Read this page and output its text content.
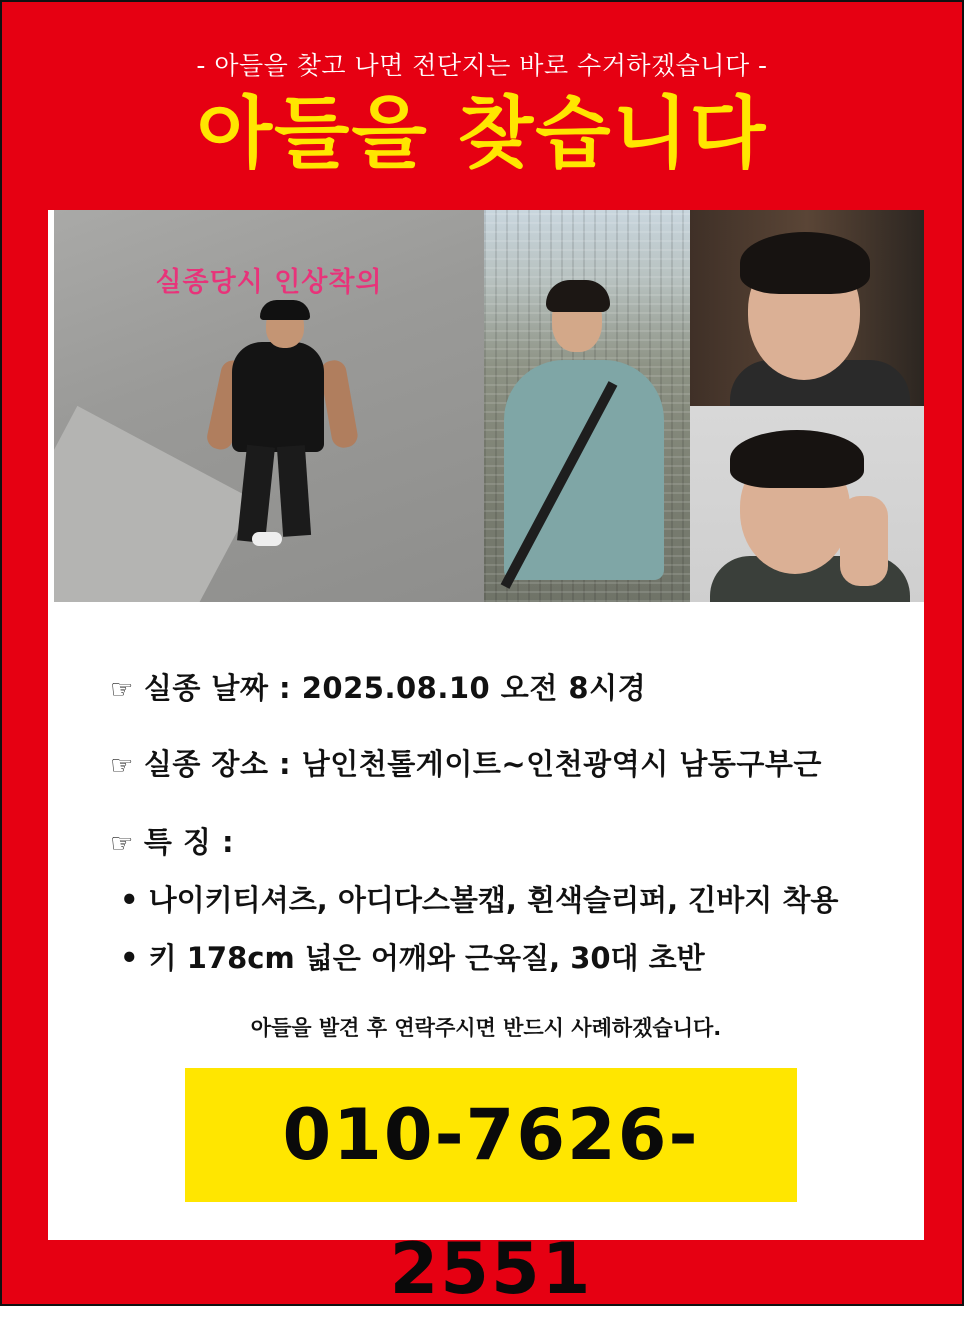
- 아들을 찾고 나면 전단지는 바로 수거하겠습니다 -
아들을 찾습니다
실종당시 인상착의
☞ 실종 날짜 : 2025.08.10 오전 8시경
☞ 실종 장소 : 남인천톨게이트~인천광역시 남동구부근
☞ 특 징 :
• 나이키티셔츠, 아디다스볼캡, 흰색슬리퍼, 긴바지 착용
• 키 178cm 넓은 어깨와 근육질, 30대 초반
아들을 발견 후 연락주시면 반드시 사례하겠습니다.
010-7626-2551
